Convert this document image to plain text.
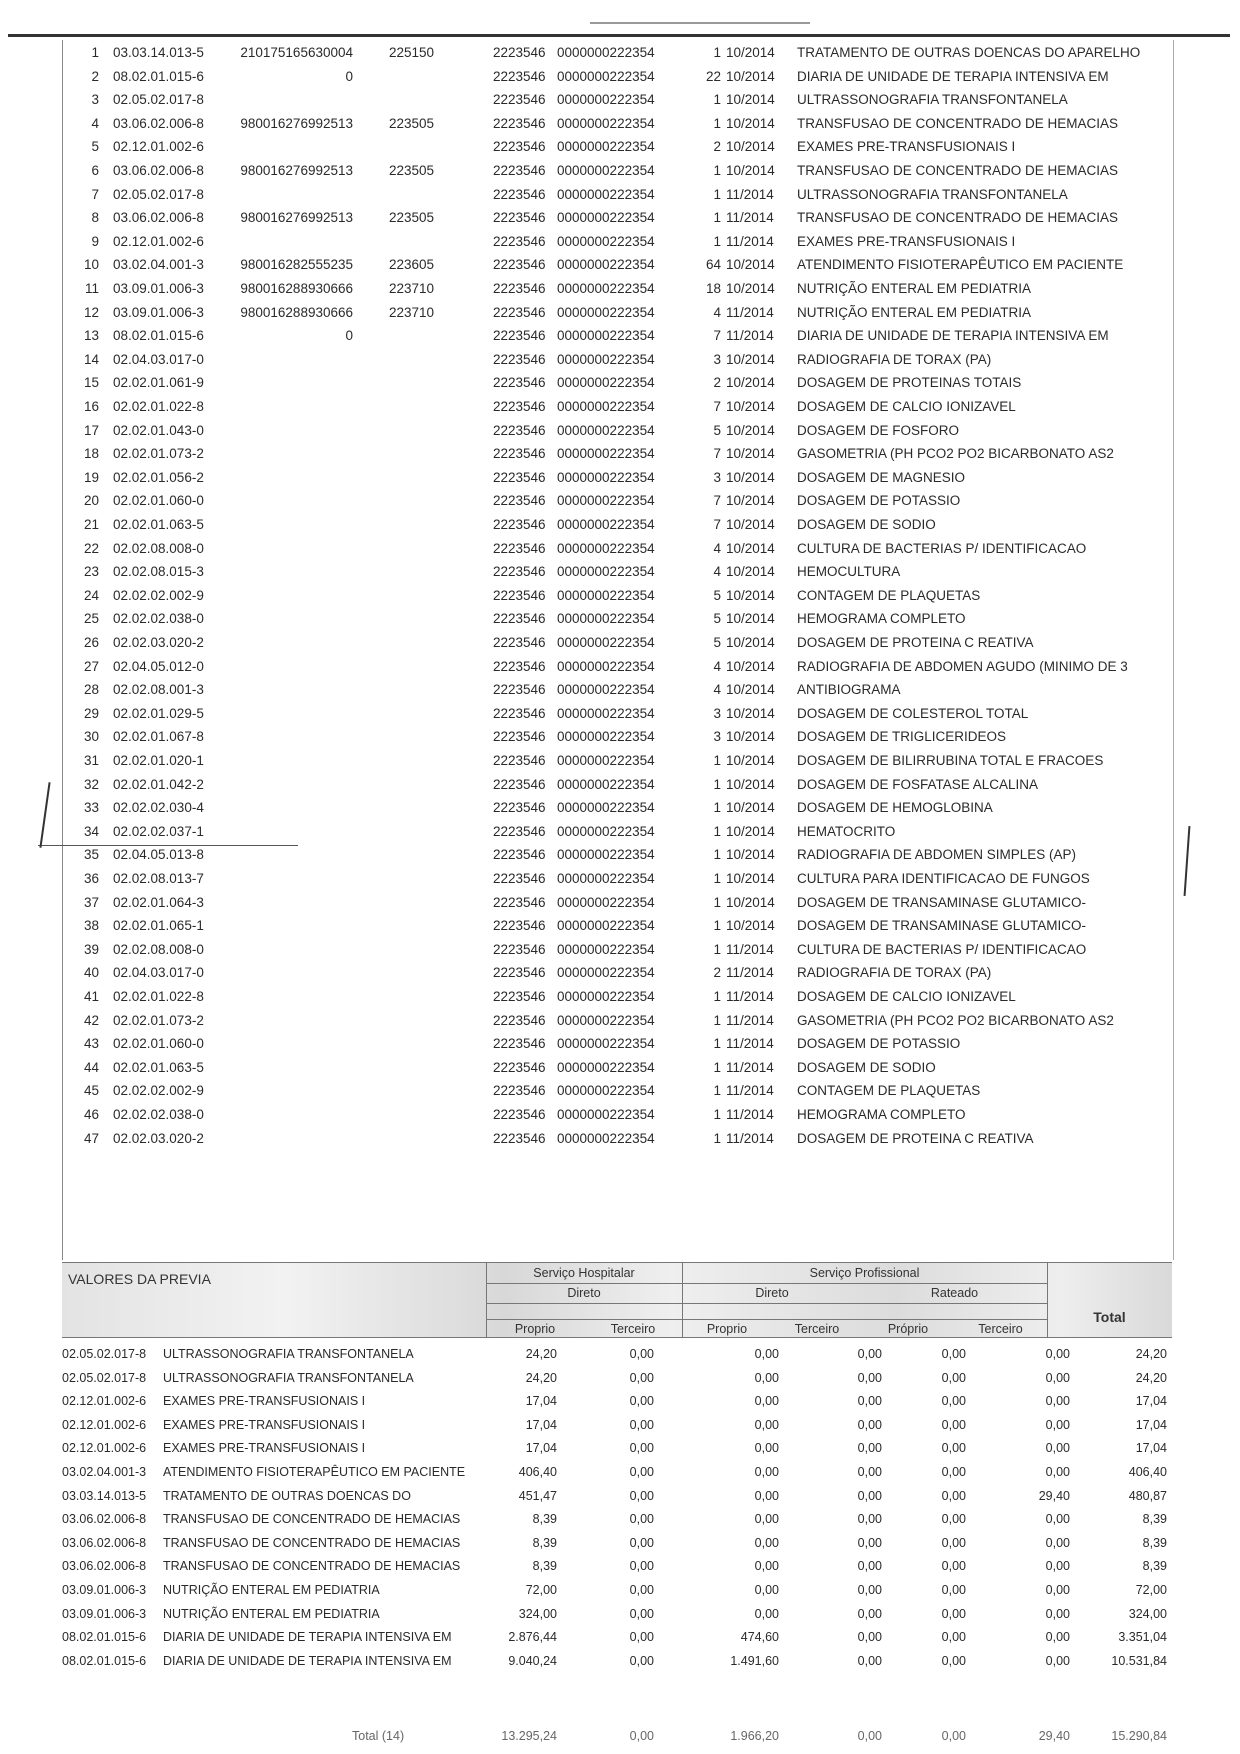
1 03.03.14.013-5	210175165630004	225150	2223546 0000000222354	1 10/2014 TRATAMENTO DE OUTRAS DOENCAS DO APARELHO
2 08.02.01.015-6	0	2223546 0000000222354	22 10/2014 DIARIA DE UNIDADE DE TERAPIA INTENSIVA EM
3 02.05.02.017-8	2223546 0000000222354	1 10/2014 ULTRASSONOGRAFIA TRANSFONTANELA
4 03.06.02.006-8	980016276992513	223505	2223546 0000000222354	1 10/2014 TRANSFUSAO DE CONCENTRADO DE HEMACIAS
5 02.12.01.002-6	2223546 0000000222354	2 10/2014 EXAMES PRE-TRANSFUSIONAIS I
6 03.06.02.006-8	980016276992513	223505	2223546 0000000222354	1 10/2014 TRANSFUSAO DE CONCENTRADO DE HEMACIAS
7 02.05.02.017-8	2223546 0000000222354	1 11/2014 ULTRASSONOGRAFIA TRANSFONTANELA
8 03.06.02.006-8	980016276992513	223505	2223546 0000000222354	1 11/2014 TRANSFUSAO DE CONCENTRADO DE HEMACIAS
9 02.12.01.002-6	2223546 0000000222354	1 11/2014 EXAMES PRE-TRANSFUSIONAIS I
10 03.02.04.001-3	980016282555235	223605	2223546 0000000222354	64 10/2014 ATENDIMENTO FISIOTERAPÊUTICO EM PACIENTE
11 03.09.01.006-3	980016288930666	223710	2223546 0000000222354	18 10/2014 NUTRIÇÃO ENTERAL EM PEDIATRIA
12 03.09.01.006-3	980016288930666	223710	2223546 0000000222354	4 11/2014 NUTRIÇÃO ENTERAL EM PEDIATRIA
13 08.02.01.015-6	0	2223546 0000000222354	7 11/2014 DIARIA DE UNIDADE DE TERAPIA INTENSIVA EM
14 02.04.03.017-0	2223546 0000000222354	3 10/2014 RADIOGRAFIA DE TORAX (PA)
15 02.02.01.061-9	2223546 0000000222354	2 10/2014 DOSAGEM DE PROTEINAS TOTAIS
16 02.02.01.022-8	2223546 0000000222354	7 10/2014 DOSAGEM DE CALCIO IONIZAVEL
17 02.02.01.043-0	2223546 0000000222354	5 10/2014 DOSAGEM DE FOSFORO
18 02.02.01.073-2	2223546 0000000222354	7 10/2014 GASOMETRIA (PH PCO2 PO2 BICARBONATO AS2
19 02.02.01.056-2	2223546 0000000222354	3 10/2014 DOSAGEM DE MAGNESIO
20 02.02.01.060-0	2223546 0000000222354	7 10/2014 DOSAGEM DE POTASSIO
21 02.02.01.063-5	2223546 0000000222354	7 10/2014 DOSAGEM DE SODIO
22 02.02.08.008-0	2223546 0000000222354	4 10/2014 CULTURA DE BACTERIAS P/ IDENTIFICACAO
23 02.02.08.015-3	2223546 0000000222354	4 10/2014 HEMOCULTURA
24 02.02.02.002-9	2223546 0000000222354	5 10/2014 CONTAGEM DE PLAQUETAS
25 02.02.02.038-0	2223546 0000000222354	5 10/2014 HEMOGRAMA COMPLETO
26 02.02.03.020-2	2223546 0000000222354	5 10/2014 DOSAGEM DE PROTEINA C REATIVA
27 02.04.05.012-0	2223546 0000000222354	4 10/2014 RADIOGRAFIA DE ABDOMEN AGUDO (MINIMO DE 3
28 02.02.08.001-3	2223546 0000000222354	4 10/2014 ANTIBIOGRAMA
29 02.02.01.029-5	2223546 0000000222354	3 10/2014 DOSAGEM DE COLESTEROL TOTAL
30 02.02.01.067-8	2223546 0000000222354	3 10/2014 DOSAGEM DE TRIGLICERIDEOS
31 02.02.01.020-1	2223546 0000000222354	1 10/2014 DOSAGEM DE BILIRRUBINA TOTAL E FRACOES
32 02.02.01.042-2	2223546 0000000222354	1 10/2014 DOSAGEM DE FOSFATASE ALCALINA
33 02.02.02.030-4	2223546 0000000222354	1 10/2014 DOSAGEM DE HEMOGLOBINA
34 02.02.02.037-1	2223546 0000000222354	1 10/2014 HEMATOCRITO
35 02.04.05.013-8	2223546 0000000222354	1 10/2014 RADIOGRAFIA DE ABDOMEN SIMPLES (AP)
36 02.02.08.013-7	2223546 0000000222354	1 10/2014 CULTURA PARA IDENTIFICACAO DE FUNGOS
37 02.02.01.064-3	2223546 0000000222354	1 10/2014 DOSAGEM DE TRANSAMINASE GLUTAMICO-
38 02.02.01.065-1	2223546 0000000222354	1 10/2014 DOSAGEM DE TRANSAMINASE GLUTAMICO-
39 02.02.08.008-0	2223546 0000000222354	1 11/2014 CULTURA DE BACTERIAS P/ IDENTIFICACAO
40 02.04.03.017-0	2223546 0000000222354	2 11/2014 RADIOGRAFIA DE TORAX (PA)
41 02.02.01.022-8	2223546 0000000222354	1 11/2014 DOSAGEM DE CALCIO IONIZAVEL
42 02.02.01.073-2	2223546 0000000222354	1 11/2014 GASOMETRIA (PH PCO2 PO2 BICARBONATO AS2
43 02.02.01.060-0	2223546 0000000222354	1 11/2014 DOSAGEM DE POTASSIO
44 02.02.01.063-5	2223546 0000000222354	1 11/2014 DOSAGEM DE SODIO
45 02.02.02.002-9	2223546 0000000222354	1 11/2014 CONTAGEM DE PLAQUETAS
46 02.02.02.038-0	2223546 0000000222354	1 11/2014 HEMOGRAMA COMPLETO
47 02.02.03.020-2	2223546 0000000222354	1 11/2014 DOSAGEM DE PROTEINA C REATIVA
VALORES DA PREVIA	Serviço Hospitalar	Serviço Profissional
Direto	Direto	Rateado
Proprio	Terceiro	Proprio	Terceiro	Próprio	Terceiro
Total
02.05.02.017-8 ULTRASSONOGRAFIA TRANSFONTANELA	24,20	0,00	0,00	0,00	0,00	0,00	24,20
02.05.02.017-8 ULTRASSONOGRAFIA TRANSFONTANELA	24,20	0,00	0,00	0,00	0,00	0,00	24,20
02.12.01.002-6 EXAMES PRE-TRANSFUSIONAIS I	17,04	0,00	0,00	0,00	0,00	0,00	17,04
02.12.01.002-6 EXAMES PRE-TRANSFUSIONAIS I	17,04	0,00	0,00	0,00	0,00	0,00	17,04
02.12.01.002-6 EXAMES PRE-TRANSFUSIONAIS I	17,04	0,00	0,00	0,00	0,00	0,00	17,04
03.02.04.001-3 ATENDIMENTO FISIOTERAPÊUTICO EM PACIENTE	406,40	0,00	0,00	0,00	0,00	0,00	406,40
03.03.14.013-5 TRATAMENTO DE OUTRAS DOENCAS DO	451,47	0,00	0,00	0,00	0,00	29,40	480,87
03.06.02.006-8 TRANSFUSAO DE CONCENTRADO DE HEMACIAS	8,39	0,00	0,00	0,00	0,00	0,00	8,39
03.06.02.006-8 TRANSFUSAO DE CONCENTRADO DE HEMACIAS	8,39	0,00	0,00	0,00	0,00	0,00	8,39
03.06.02.006-8 TRANSFUSAO DE CONCENTRADO DE HEMACIAS	8,39	0,00	0,00	0,00	0,00	0,00	8,39
03.09.01.006-3 NUTRIÇÃO ENTERAL EM PEDIATRIA	72,00	0,00	0,00	0,00	0,00	0,00	72,00
03.09.01.006-3 NUTRIÇÃO ENTERAL EM PEDIATRIA	324,00	0,00	0,00	0,00	0,00	0,00	324,00
08.02.01.015-6 DIARIA DE UNIDADE DE TERAPIA INTENSIVA EM	2.876,44	0,00	474,60	0,00	0,00	0,00	3.351,04
08.02.01.015-6 DIARIA DE UNIDADE DE TERAPIA INTENSIVA EM	9.040,24	0,00	1.491,60	0,00	0,00	0,00	10.531,84
Total (14)	13.295,24	0,00	1.966,20	0,00	0,00	29,40	15.290,84
